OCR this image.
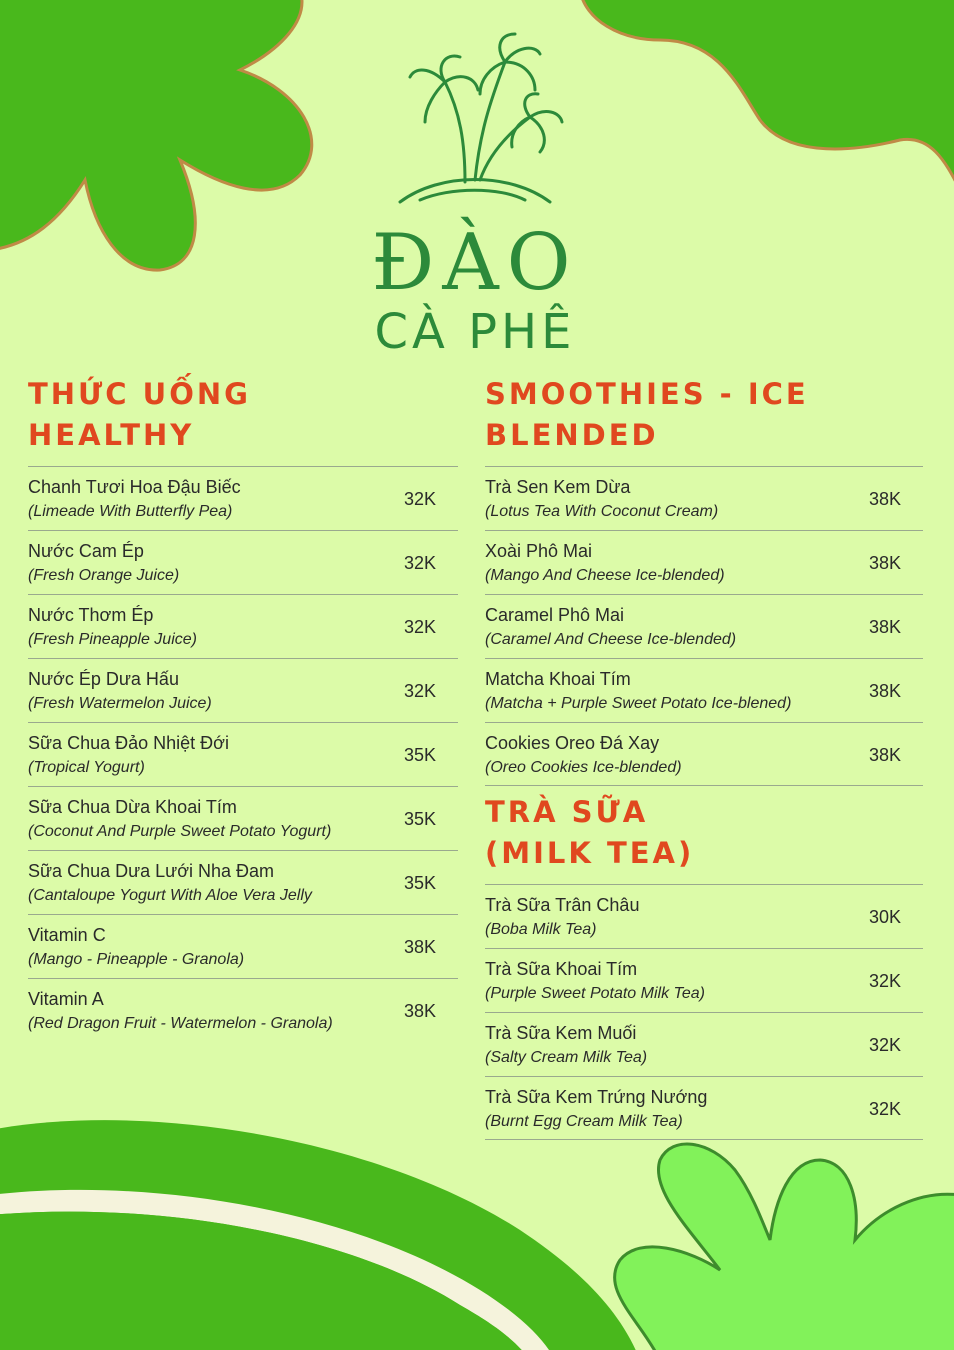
ĐÀO
CÀ PHÊ
THỨC UỐNG
HEALTHY
Chanh Tươi Hoa Đậu Biếc
(Limeade With Butterfly Pea)
32K
Nước Cam Ép
(Fresh Orange Juice)
32K
Nước Thơm Ép
(Fresh Pineapple Juice)
32K
Nước Ép Dưa Hấu
(Fresh Watermelon Juice)
32K
Sữa Chua Đảo Nhiệt Đới
(Tropical Yogurt)
35K
Sữa Chua Dừa Khoai Tím
(Coconut And Purple Sweet Potato Yogurt)
35K
Sữa Chua Dưa Lưới Nha Đam
(Cantaloupe Yogurt With Aloe Vera Jelly
35K
Vitamin C
(Mango - Pineapple - Granola)
38K
Vitamin A
(Red Dragon Fruit - Watermelon - Granola)
38K
SMOOTHIES - ICE
BLENDED
Trà Sen Kem Dừa
(Lotus Tea With Coconut Cream)
38K
Xoài Phô Mai
(Mango And Cheese Ice-blended)
38K
Caramel Phô Mai
(Caramel And Cheese Ice-blended)
38K
Matcha Khoai Tím
(Matcha + Purple Sweet Potato Ice-blened)
38K
Cookies Oreo Đá Xay
(Oreo Cookies Ice-blended)
38K
TRÀ SỮA
(MILK TEA)
Trà Sữa Trân Châu
(Boba Milk Tea)
30K
Trà Sữa Khoai Tím
(Purple Sweet Potato Milk Tea)
32K
Trà Sữa Kem Muối
(Salty Cream Milk Tea)
32K
Trà Sữa Kem Trứng Nướng
(Burnt Egg Cream Milk Tea)
32K
